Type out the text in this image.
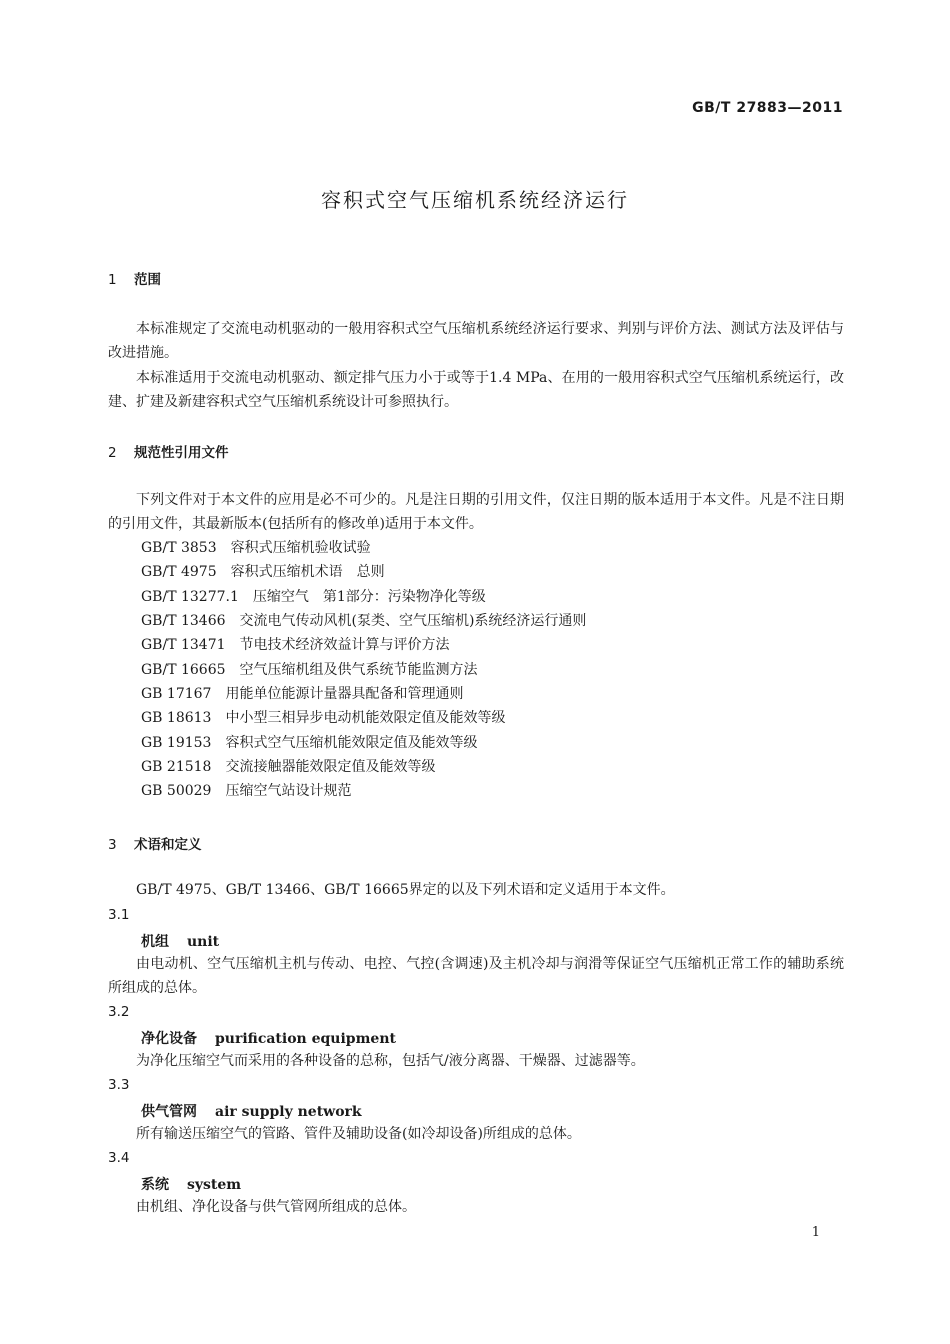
GB/T 27883—2011
容积式空气压缩机系统经济运行
1 范围
本标准规定了交流电动机驱动的一般用容积式空气压缩机系统经济运行要求、判别与评价方法、测试方法及评估与改进措施。
本标准适用于交流电动机驱动、额定排气压力小于或等于1.4 MPa、在用的一般用容积式空气压缩机系统运行，改建、扩建及新建容积式空气压缩机系统设计可参照执行。
2 规范性引用文件
下列文件对于本文件的应用是必不可少的。凡是注日期的引用文件，仅注日期的版本适用于本文件。凡是不注日期的引用文件，其最新版本(包括所有的修改单)适用于本文件。
GB/T 3853　容积式压缩机验收试验
GB/T 4975　容积式压缩机术语　总则
GB/T 13277.1　压缩空气　第1部分：污染物净化等级
GB/T 13466　交流电气传动风机(泵类、空气压缩机)系统经济运行通则
GB/T 13471　节电技术经济效益计算与评价方法
GB/T 16665　空气压缩机组及供气系统节能监测方法
GB 17167　用能单位能源计量器具配备和管理通则
GB 18613　中小型三相异步电动机能效限定值及能效等级
GB 19153　容积式空气压缩机能效限定值及能效等级
GB 21518　交流接触器能效限定值及能效等级
GB 50029　压缩空气站设计规范
3 术语和定义
GB/T 4975、GB/T 13466、GB/T 16665界定的以及下列术语和定义适用于本文件。
3.1
机组 unit
由电动机、空气压缩机主机与传动、电控、气控(含调速)及主机冷却与润滑等保证空气压缩机正常工作的辅助系统所组成的总体。
3.2
净化设备 purification equipment
为净化压缩空气而采用的各种设备的总称，包括气/液分离器、干燥器、过滤器等。
3.3
供气管网 air supply network
所有输送压缩空气的管路、管件及辅助设备(如冷却设备)所组成的总体。
3.4
系统 system
由机组、净化设备与供气管网所组成的总体。
1
